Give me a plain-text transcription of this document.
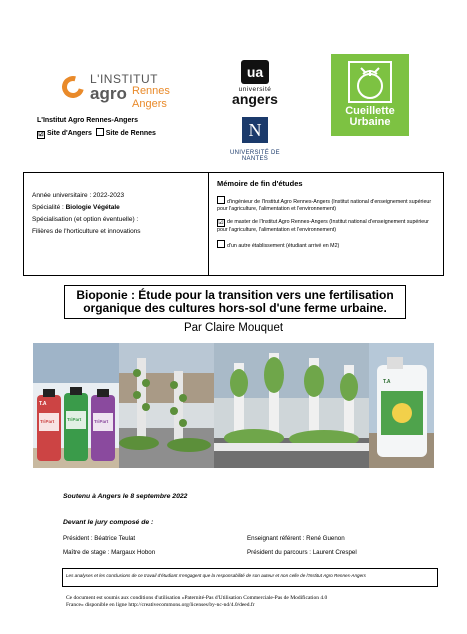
L'INSTITUT
agro Rennes
Angers
ua
université
angers
N
UNIVERSITÉ DE NANTES
Cueillette
Urbaine
L'Institut Agro Rennes-Angers
☑ Site d'Angers Site de Rennes
Année universitaire : 2022-2023
Spécialité : Biologie Végétale
Spécialisation (et option éventuelle) :
Filières de l'horticulture et innovations
Mémoire de fin d'études
d'ingénieur de l'Institut Agro Rennes-Angers (Institut national d'enseignement supérieur pour l'agriculture, l'alimentation et l'environnement)
☑ de master de l'Institut Agro Rennes-Angers (Institut national d'enseignement supérieur pour l'agriculture, l'alimentation et l'environnement)
d'un autre établissement (étudiant arrivé en M2)
Bioponie : Étude pour la transition vers une fertilisation
organique des cultures hors-sol d'une ferme urbaine.
Par Claire Mouquet
T.A
TriPart	TriPart	TriPart
T.A
Soutenu à Angers le 8 septembre 2022
Devant le jury composé de :
Président : Béatrice Teulat
Maître de stage : Margaux Hobon
Enseignant référent : René Guenon
Président du parcours : Laurent Crespel
Les analyses et les conclusions de ce travail d'étudiant n'engagent que la responsabilité de son auteur et non celle de l'Institut Agro Rennes-Angers
Ce document est soumis aux conditions d'utilisation «Paternité-Pas d'Utilisation Commerciale-Pas de Modification 4.0
France» disponible en ligne http://creativecommons.org/licenses/by-nc-nd/4.0/deed.fr
